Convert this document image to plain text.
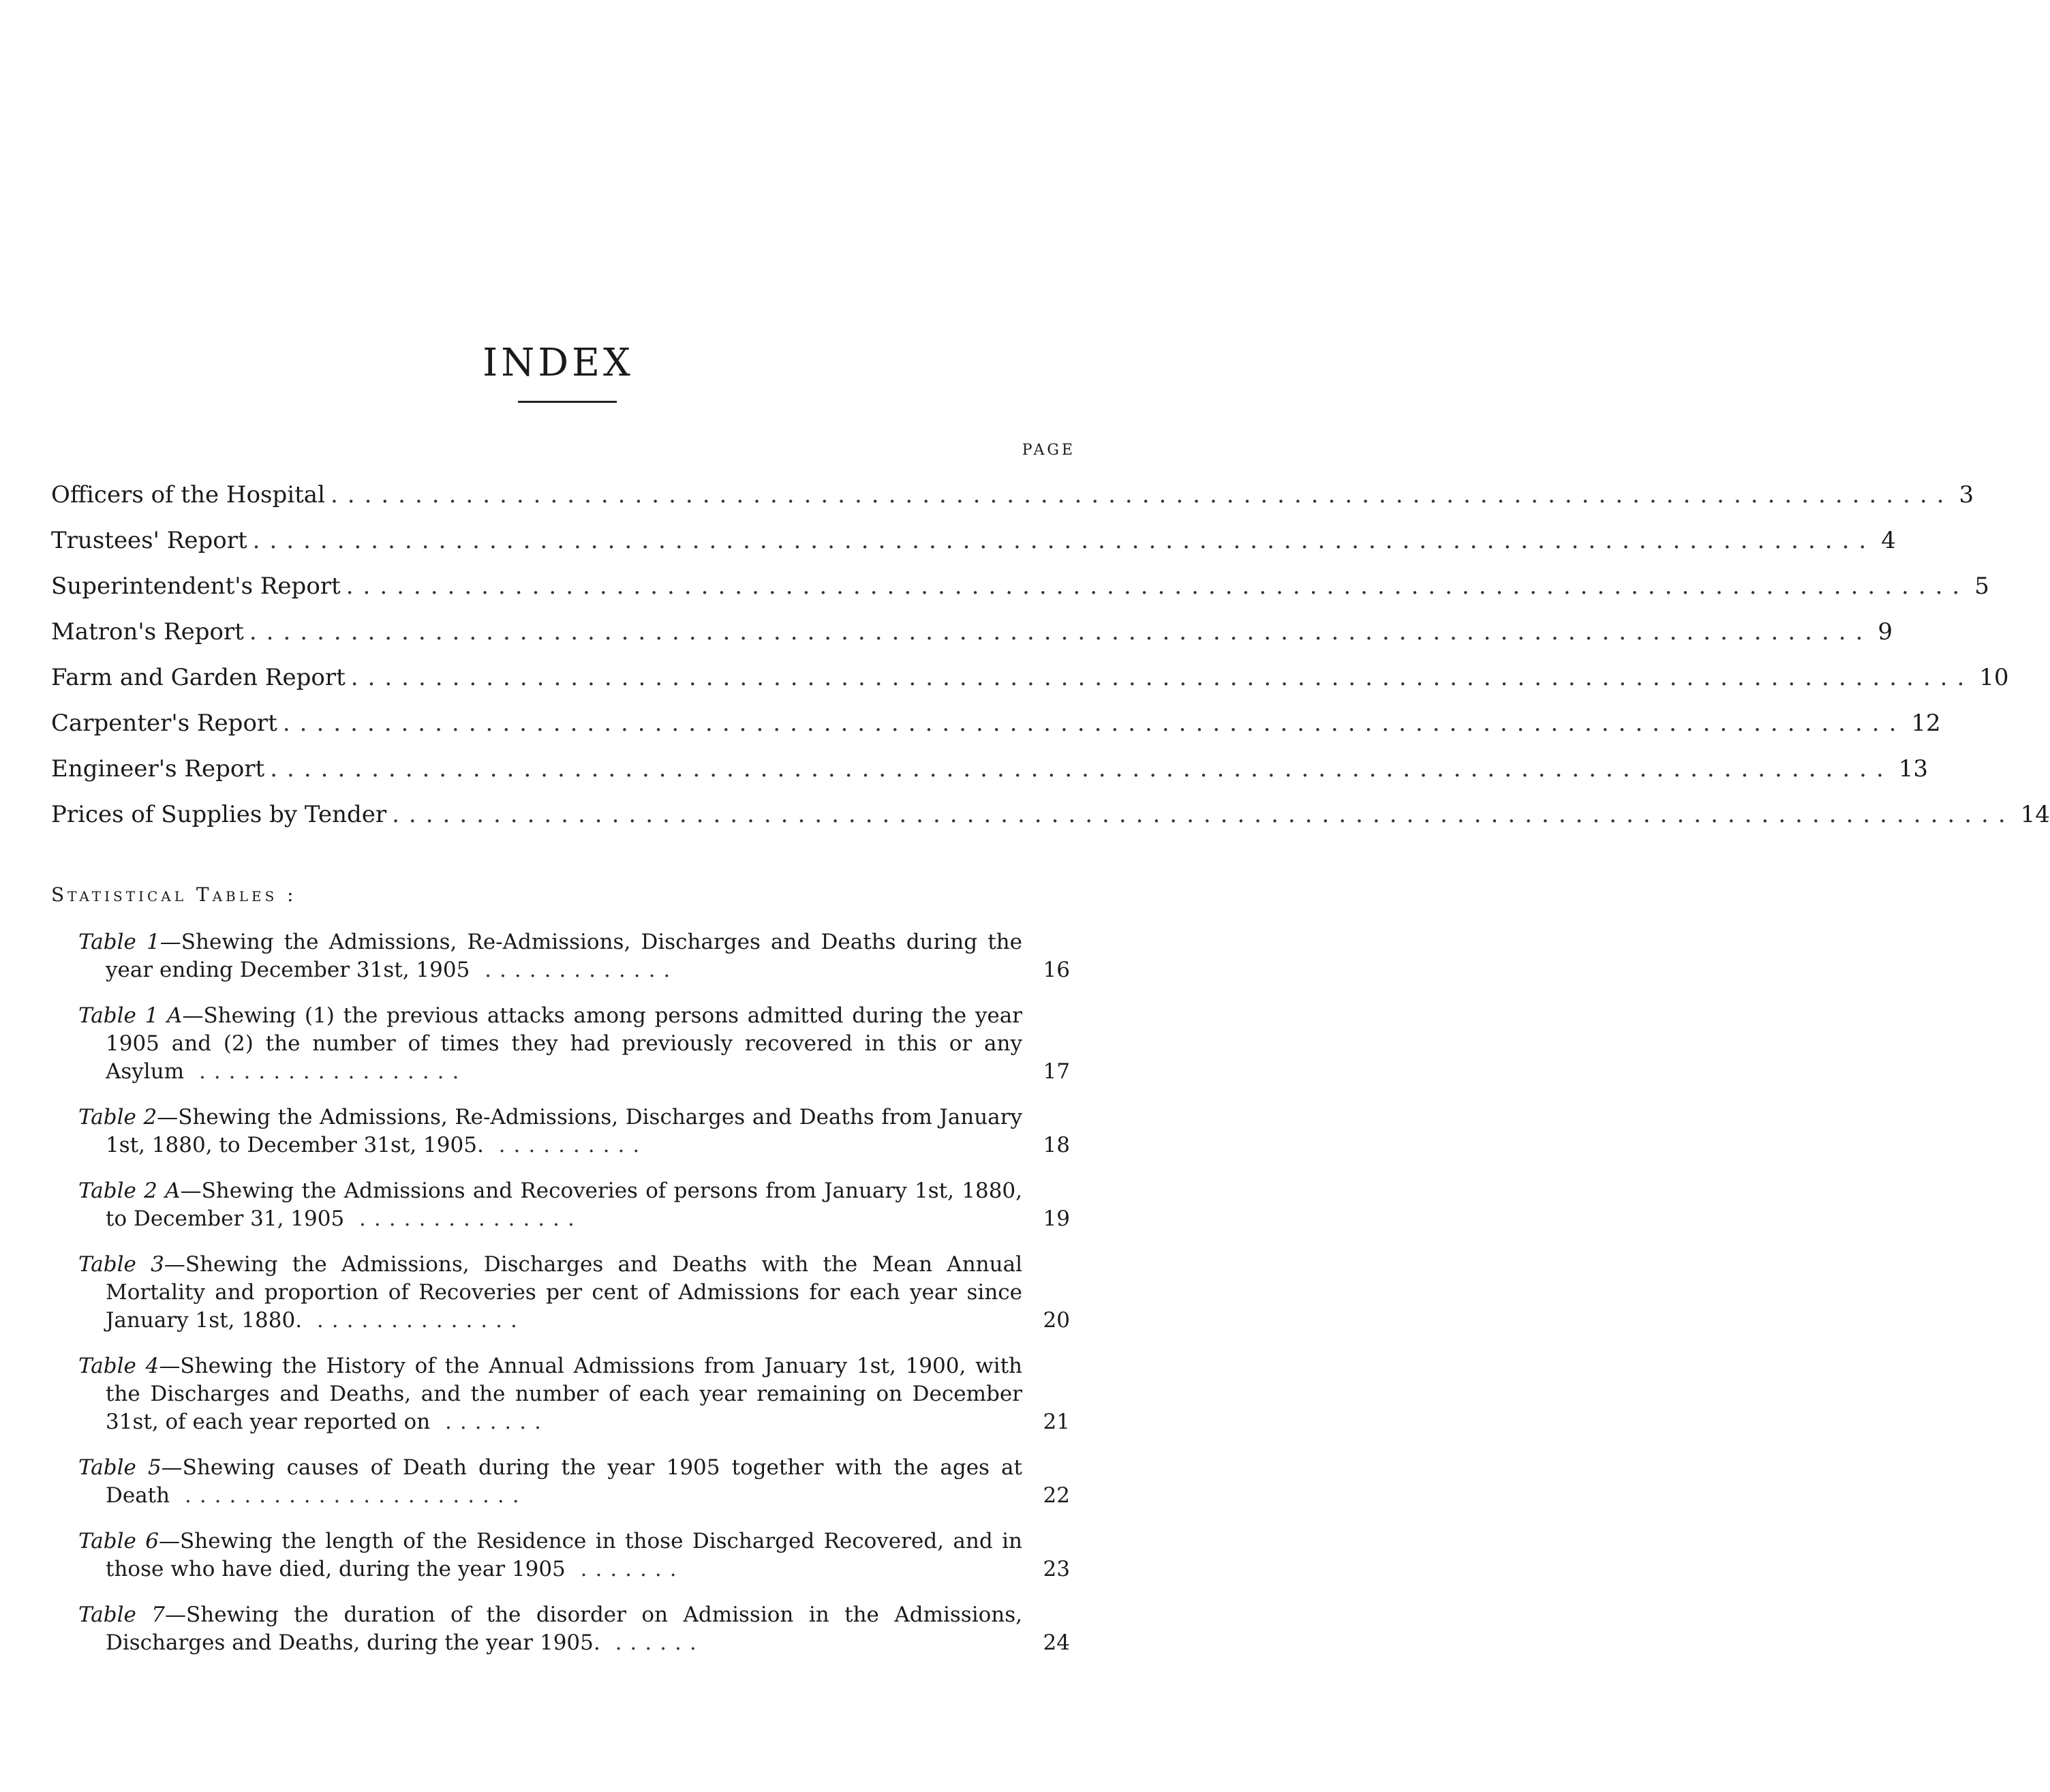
INDEX
PAGE
Officers of the Hospital ................................................................................................ 3
Trustees' Report ................................................................................................ 4
Superintendent's Report ................................................................................................ 5
Matron's Report ................................................................................................ 9
Farm and Garden Report ................................................................................................ 10
Carpenter's Report ................................................................................................ 12
Engineer's Report ................................................................................................ 13
Prices of Supplies by Tender ................................................................................................ 14
Statistical Tables :
Table 1—Shewing the Admissions, Re-Admissions, Discharges and Deaths during the year ending December 31st, 1905 .............	16
Table 1 A—Shewing (1) the previous attacks among persons admitted during the year 1905 and (2) the number of times they had previously recovered in this or any Asylum ..................	17
Table 2—Shewing the Admissions, Re-Admissions, Discharges and Deaths from January 1st, 1880, to December 31st, 1905. ..........	18
Table 2 A—Shewing the Admissions and Recoveries of persons from January 1st, 1880, to December 31, 1905 ...............	19
Table 3—Shewing the Admissions, Discharges and Deaths with the Mean Annual Mortality and proportion of Recoveries per cent of Admissions for each year since January 1st, 1880. ..............	20
Table 4—Shewing the History of the Annual Admissions from January 1st, 1900, with the Discharges and Deaths, and the number of each year remaining on December 31st, of each year reported on .......	21
Table 5—Shewing causes of Death during the year 1905 together with the ages at Death .......................	22
Table 6—Shewing the length of the Residence in those Discharged Recovered, and in those who have died, during the year 1905 .......	23
Table 7—Shewing the duration of the disorder on Admission in the Admissions, Discharges and Deaths, during the year 1905. ......	24
